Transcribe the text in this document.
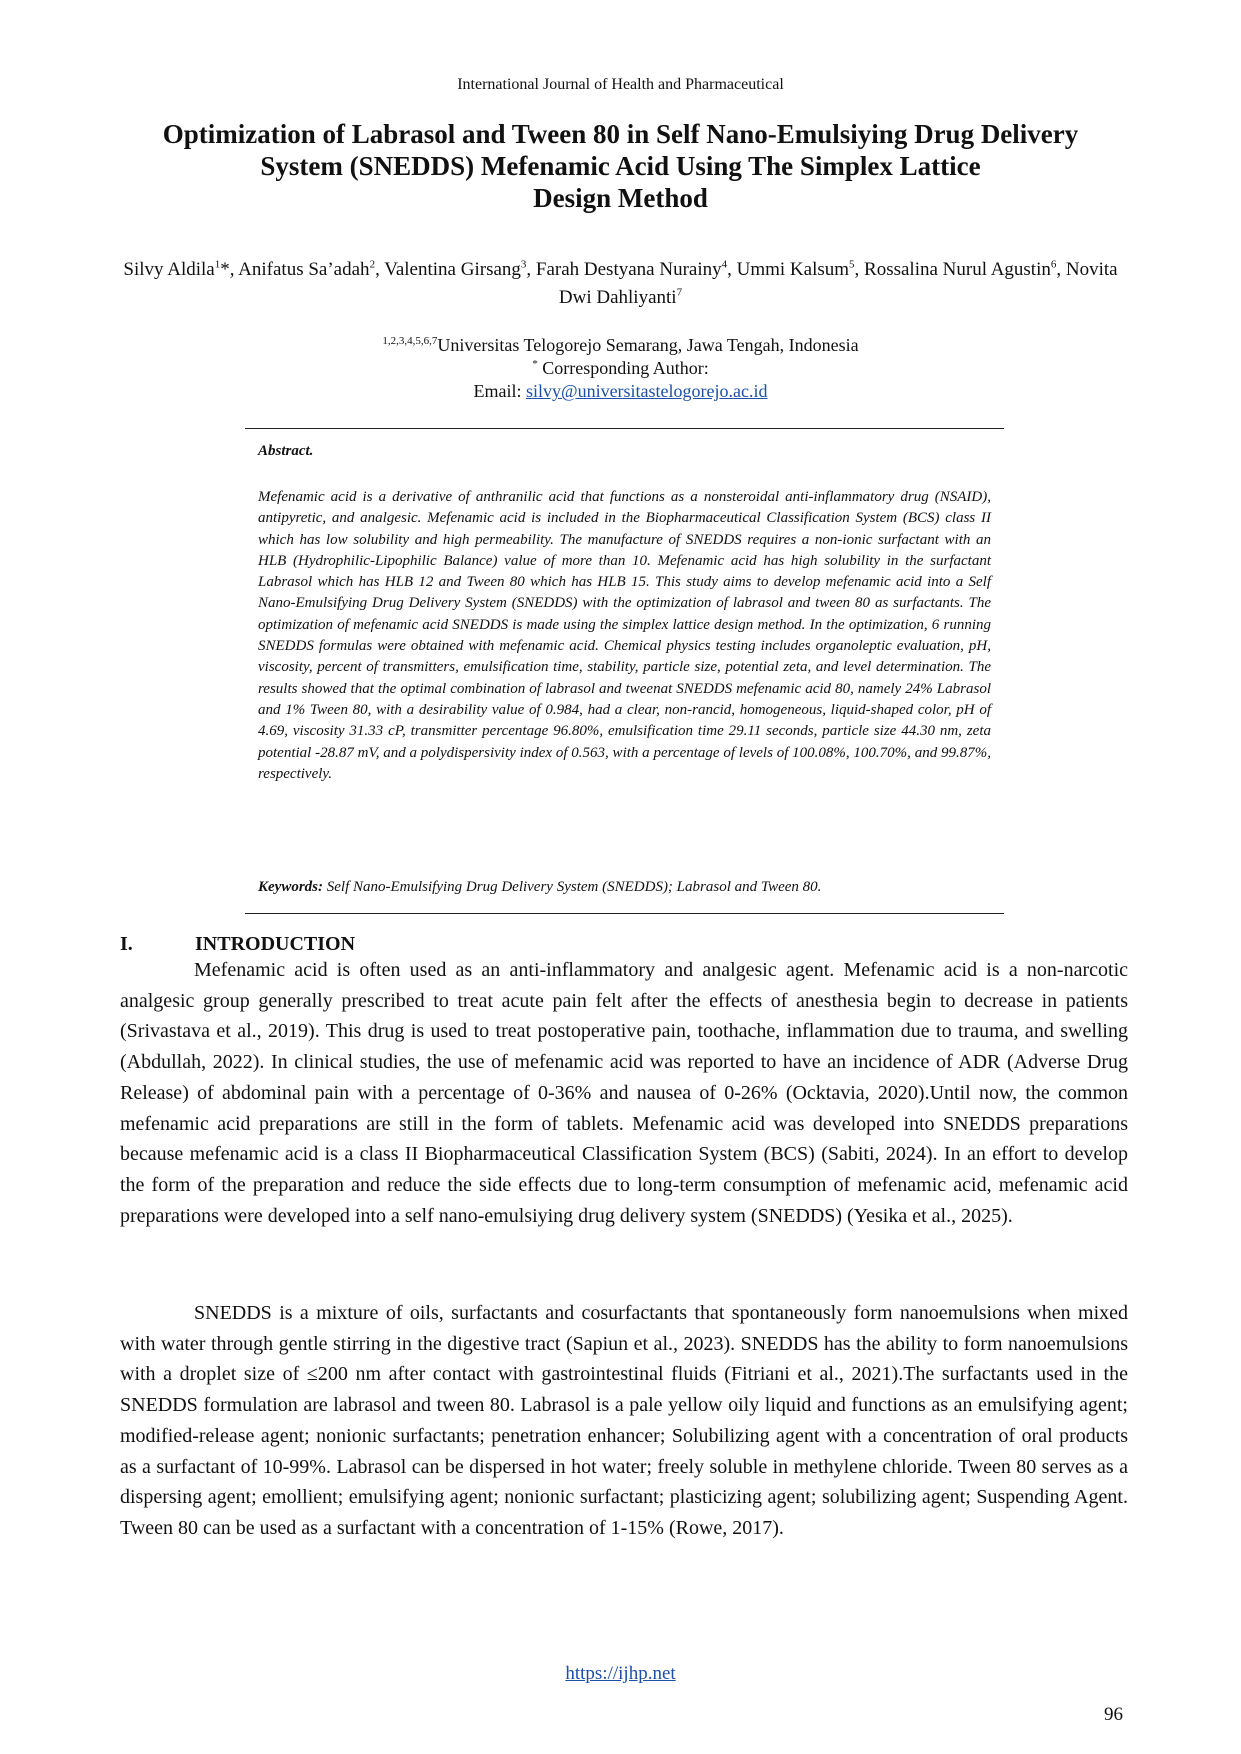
International Journal of Health and Pharmaceutical
Optimization of Labrasol and Tween 80 in Self Nano-Emulsiying Drug Delivery
System (SNEDDS) Mefenamic Acid Using The Simplex Lattice
Design Method
Silvy Aldila$^1$*, Anifatus Sa’adah$^2$, Valentina Girsang$^3$, Farah Destyana Nurainy$^4$, Ummi Kalsum$^5$, Rossalina Nurul Agustin$^6$, Novita Dwi Dahliyanti$^7$
$^{1,2,3,4,5,6,7}$Universitas Telogorejo Semarang, Jawa Tengah, Indonesia
* Corresponding Author:
Email: silvy@universitastelogorejo.ac.id
Abstract.

Mefenamic acid is a derivative of anthranilic acid that functions as a nonsteroidal anti-inflammatory drug (NSAID), antipyretic, and analgesic. Mefenamic acid is included in the Biopharmaceutical Classification System (BCS) class II which has low solubility and high permeability. The manufacture of SNEDDS requires a non-ionic surfactant with an HLB (Hydrophilic-Lipophilic Balance) value of more than 10. Mefenamic acid has high solubility in the surfactant Labrasol which has HLB 12 and Tween 80 which has HLB 15. This study aims to develop mefenamic acid into a Self Nano-Emulsifying Drug Delivery System (SNEDDS) with the optimization of labrasol and tween 80 as surfactants. The optimization of mefenamic acid SNEDDS is made using the simplex lattice design method. In the optimization, 6 running SNEDDS formulas were obtained with mefenamic acid. Chemical physics testing includes organoleptic evaluation, pH, viscosity, percent of transmitters, emulsification time, stability, particle size, potential zeta, and level determination. The results showed that the optimal combination of labrasol and tweenat SNEDDS mefenamic acid 80, namely 24% Labrasol and 1% Tween 80, with a desirability value of 0.984, had a clear, non-rancid, homogeneous, liquid-shaped color, pH of 4.69, viscosity 31.33 cP, transmitter percentage 96.80%, emulsification time 29.11 seconds, particle size 44.30 nm, zeta potential -28.87 mV, and a polydispersivity index of 0.563, with a percentage of levels of 100.08%, 100.70%, and 99.87%, respectively.

Keywords: Self Nano-Emulsifying Drug Delivery System (SNEDDS); Labrasol and Tween 80.
I.	INTRODUCTION

Mefenamic acid is often used as an anti-inflammatory and analgesic agent. Mefenamic acid is a non-narcotic analgesic group generally prescribed to treat acute pain felt after the effects of anesthesia begin to decrease in patients (Srivastava et al., 2019). This drug is used to treat postoperative pain, toothache, inflammation due to trauma, and swelling (Abdullah, 2022). In clinical studies, the use of mefenamic acid was reported to have an incidence of ADR (Adverse Drug Release) of abdominal pain with a percentage of 0-36% and nausea of 0-26% (Ocktavia, 2020).Until now, the common mefenamic acid preparations are still in the form of tablets. Mefenamic acid was developed into SNEDDS preparations because mefenamic acid is a class II Biopharmaceutical Classification System (BCS) (Sabiti, 2024). In an effort to develop the form of the preparation and reduce the side effects due to long-term consumption of mefenamic acid, mefenamic acid preparations were developed into a self nano-emulsiying drug delivery system (SNEDDS) (Yesika et al., 2025).

SNEDDS is a mixture of oils, surfactants and cosurfactants that spontaneously form nanoemulsions when mixed with water through gentle stirring in the digestive tract (Sapiun et al., 2023). SNEDDS has the ability to form nanoemulsions with a droplet size of ≤200 nm after contact with gastrointestinal fluids (Fitriani et al., 2021).The surfactants used in the SNEDDS formulation are labrasol and tween 80. Labrasol is a pale yellow oily liquid and functions as an emulsifying agent; modified-release agent; nonionic surfactants; penetration enhancer; Solubilizing agent with a concentration of oral products as a surfactant of 10-99%. Labrasol can be dispersed in hot water; freely soluble in methylene chloride. Tween 80 serves as a dispersing agent; emollient; emulsifying agent; nonionic surfactant; plasticizing agent; solubilizing agent; Suspending Agent. Tween 80 can be used as a surfactant with a concentration of 1-15% (Rowe, 2017).

https://ijhp.net
96
